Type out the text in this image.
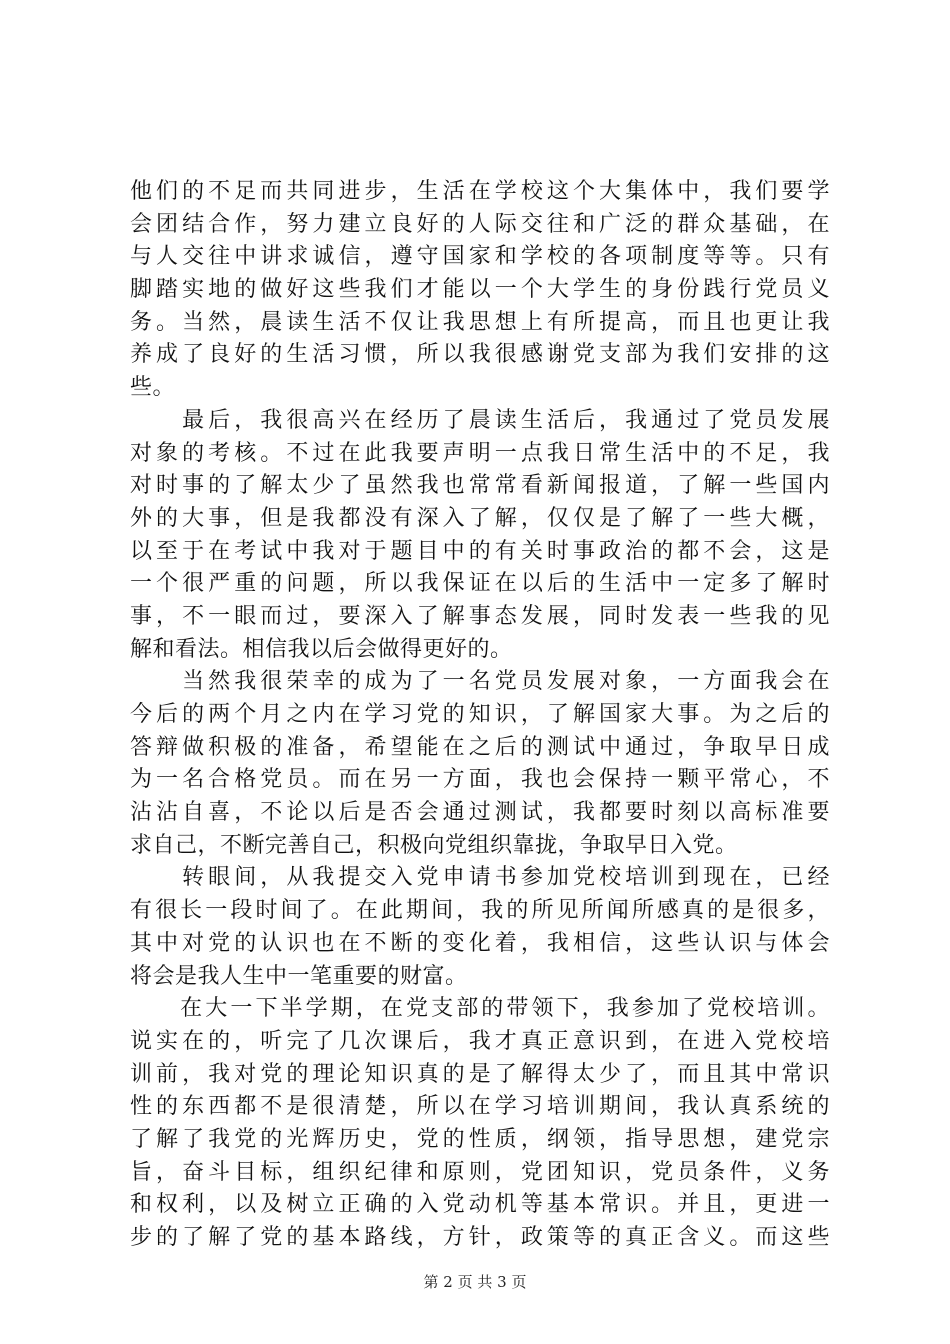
他们的不足而共同进步，生活在学校这个大集体中，我们要学
会团结合作，努力建立良好的人际交往和广泛的群众基础，在
与人交往中讲求诚信，遵守国家和学校的各项制度等等。只有
脚踏实地的做好这些我们才能以一个大学生的身份践行党员义
务。当然，晨读生活不仅让我思想上有所提高，而且也更让我
养成了良好的生活习惯，所以我很感谢党支部为我们安排的这
些。
　　最后，我很高兴在经历了晨读生活后，我通过了党员发展
对象的考核。不过在此我要声明一点我日常生活中的不足，我
对时事的了解太少了虽然我也常常看新闻报道，了解一些国内
外的大事，但是我都没有深入了解，仅仅是了解了一些大概，
以至于在考试中我对于题目中的有关时事政治的都不会，这是
一个很严重的问题，所以我保证在以后的生活中一定多了解时
事，不一眼而过，要深入了解事态发展，同时发表一些我的见
解和看法。相信我以后会做得更好的。
　　当然我很荣幸的成为了一名党员发展对象，一方面我会在
今后的两个月之内在学习党的知识，了解国家大事。为之后的
答辩做积极的准备，希望能在之后的测试中通过，争取早日成
为一名合格党员。而在另一方面，我也会保持一颗平常心，不
沾沾自喜，不论以后是否会通过测试，我都要时刻以高标准要
求自己，不断完善自己，积极向党组织靠拢，争取早日入党。
　　转眼间，从我提交入党申请书参加党校培训到现在，已经
有很长一段时间了。在此期间，我的所见所闻所感真的是很多，
其中对党的认识也在不断的变化着，我相信，这些认识与体会
将会是我人生中一笔重要的财富。
　　在大一下半学期，在党支部的带领下，我参加了党校培训。
说实在的，听完了几次课后，我才真正意识到，在进入党校培
训前，我对党的理论知识真的是了解得太少了，而且其中常识
性的东西都不是很清楚，所以在学习培训期间，我认真系统的
了解了我党的光辉历史，党的性质，纲领，指导思想，建党宗
旨，奋斗目标，组织纪律和原则，党团知识，党员条件，义务
和权利，以及树立正确的入党动机等基本常识。并且，更进一
步的了解了党的基本路线，方针，政策等的真正含义。而这些
第 2 页 共 3 页
